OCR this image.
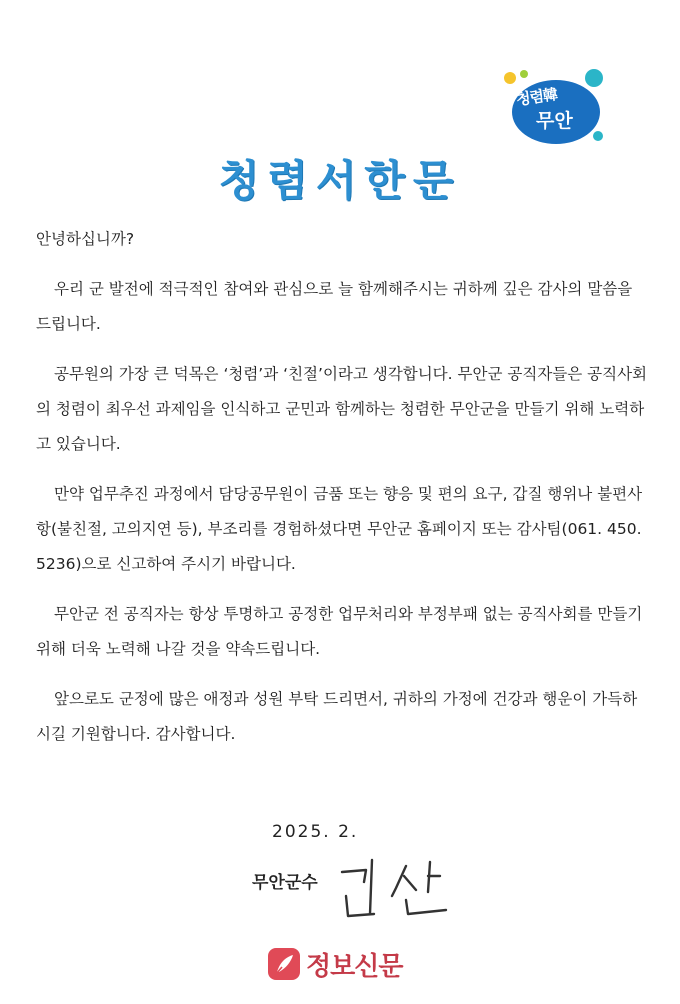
청렴韓
무안
청렴서한문

안녕하십니까?

우리 군 발전에 적극적인 참여와 관심으로 늘 함께해주시는 귀하께 깊은 감사의 말씀을 드립니다.

공무원의 가장 큰 덕목은 ‘청렴’과 ‘친절’이라고 생각합니다. 무안군 공직자들은 공직사회의 청렴이 최우선 과제임을 인식하고 군민과 함께하는 청렴한 무안군을 만들기 위해 노력하고 있습니다.

만약 업무추진 과정에서 담당공무원이 금품 또는 향응 및 편의 요구, 갑질 행위나 불편사항(불친절, 고의지연 등), 부조리를 경험하셨다면 무안군 홈페이지 또는 감사팀(061. 450. 5236)으로 신고하여 주시기 바랍니다.

무안군 전 공직자는 항상 투명하고 공정한 업무처리와 부정부패 없는 공직사회를 만들기 위해 더욱 노력해 나갈 것을 약속드립니다.

앞으로도 군정에 많은 애정과 성원 부탁 드리면서, 귀하의 가정에 건강과 행운이 가득하시길 기원합니다. 감사합니다.

2025. 2.
무안군수
정보신문
